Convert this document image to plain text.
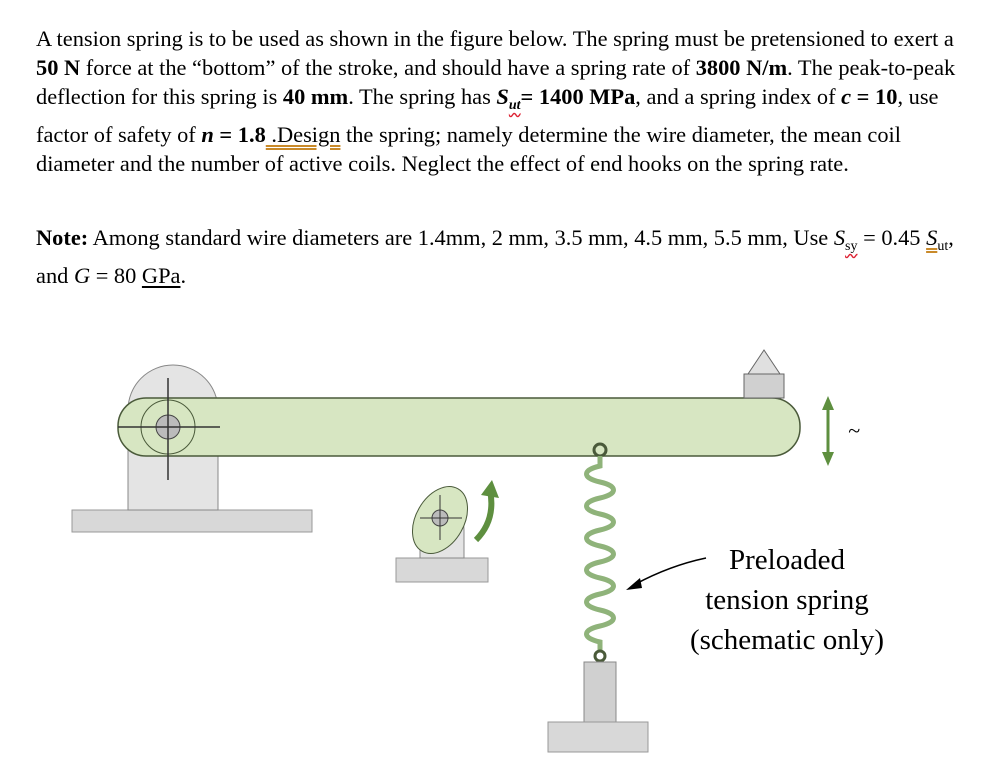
A tension spring is to be used as shown in the figure below. The spring must be pretensioned to exert a 50 N force at the “bottom” of the stroke, and should have a spring rate of 3800 N/m. The peak-to-peak deflection for this spring is 40 mm. The spring has $S_{ut}= 1400$ MPa, and a spring index of c = 10, use factor of safety of n = 1.8 .Design the spring; namely determine the wire diameter, the mean coil diameter and the number of active coils. Neglect the effect of end hooks on the spring rate.

Note: Among standard wire diameters are 1.4mm, 2 mm, 3.5 mm, 4.5 mm, 5.5 mm, Use $S_{sy} = 0.45$ $S_{ut}$, and G = 80 GPa.

~
Preloaded
tension spring
(schematic only)
